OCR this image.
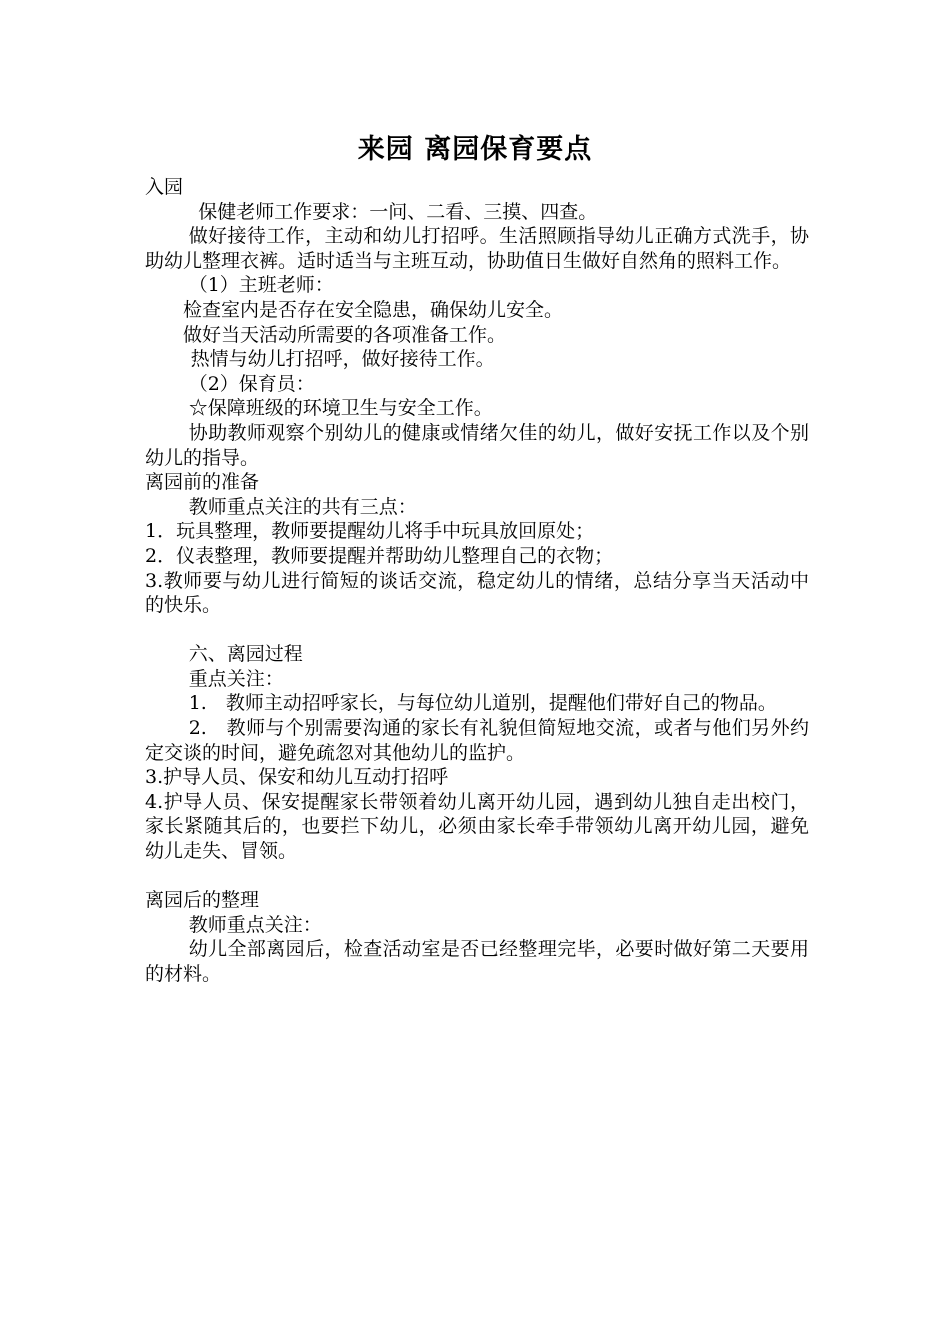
来园 离园保育要点

入园

保健老师工作要求：一问、二看、三摸、四查。

做好接待工作，主动和幼儿打招呼。生活照顾指导幼儿正确方式洗手，协助幼儿整理衣裤。适时适当与主班互动，协助值日生做好自然角的照料工作。

（1）主班老师：

检查室内是否存在安全隐患，确保幼儿安全。

做好当天活动所需要的各项准备工作。

热情与幼儿打招呼，做好接待工作。

（2）保育员：

☆保障班级的环境卫生与安全工作。

协助教师观察个别幼儿的健康或情绪欠佳的幼儿，做好安抚工作以及个别幼儿的指导。

离园前的准备

教师重点关注的共有三点：

1．玩具整理，教师要提醒幼儿将手中玩具放回原处；

2．仪表整理，教师要提醒并帮助幼儿整理自己的衣物；

3.教师要与幼儿进行简短的谈话交流，稳定幼儿的情绪，总结分享当天活动中的快乐。

六、离园过程

重点关注：

1.　教师主动招呼家长，与每位幼儿道别，提醒他们带好自己的物品。

2.　教师与个别需要沟通的家长有礼貌但简短地交流，或者与他们另外约定交谈的时间，避免疏忽对其他幼儿的监护。

3.护导人员、保安和幼儿互动打招呼

4.护导人员、保安提醒家长带领着幼儿离开幼儿园，遇到幼儿独自走出校门，家长紧随其后的，也要拦下幼儿，必须由家长牵手带领幼儿离开幼儿园，避免幼儿走失、冒领。

离园后的整理

教师重点关注：

幼儿全部离园后，检查活动室是否已经整理完毕，必要时做好第二天要用的材料。
